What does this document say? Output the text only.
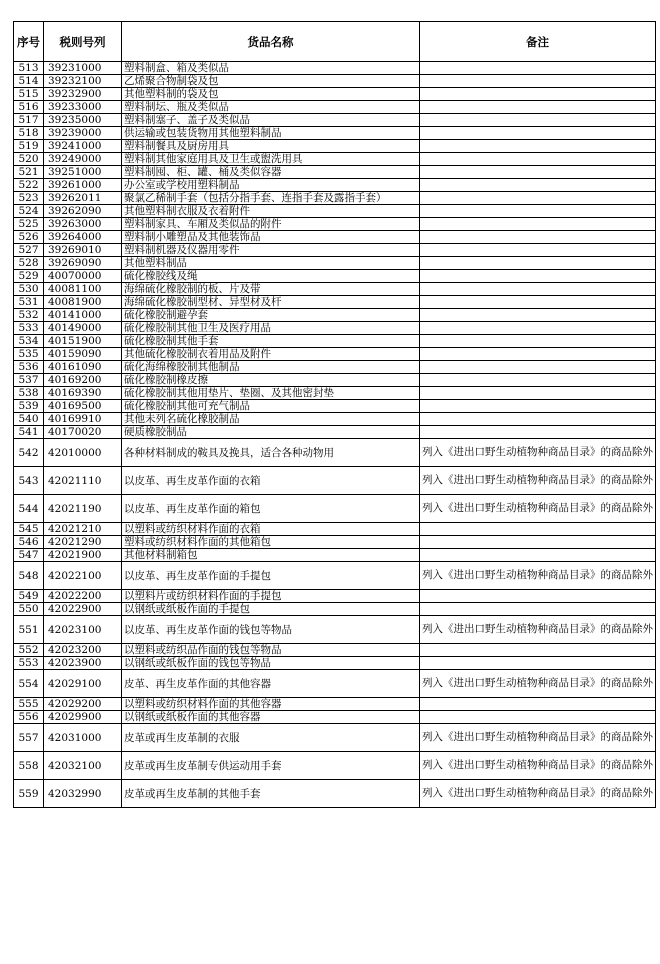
序号	税则号列	货品名称	备注
513	39231000	塑料制盒、箱及类似品	
514	39232100	乙烯聚合物制袋及包	
515	39232900	其他塑料制的袋及包	
516	39233000	塑料制坛、瓶及类似品	
517	39235000	塑料制塞子、盖子及类似品	
518	39239000	供运输或包装货物用其他塑料制品	
519	39241000	塑料制餐具及厨房用具	
520	39249000	塑料制其他家庭用具及卫生或盥洗用具	
521	39251000	塑料制囤、柜、罐、桶及类似容器	
522	39261000	办公室或学校用塑料制品	
523	39262011	聚氯乙稀制手套（包括分指手套、连指手套及露指手套）	
524	39262090	其他塑料制衣服及衣着附件	
525	39263000	塑料制家具、车厢及类似品的附件	
526	39264000	塑料制小雕塑品及其他装饰品	
527	39269010	塑料制机器及仪器用零件	
528	39269090	其他塑料制品	
529	40070000	硫化橡胶线及绳	
530	40081100	海绵硫化橡胶制的板、片及带	
531	40081900	海绵硫化橡胶制型材、异型材及杆	
532	40141000	硫化橡胶制避孕套	
533	40149000	硫化橡胶制其他卫生及医疗用品	
534	40151900	硫化橡胶制其他手套	
535	40159090	其他硫化橡胶制衣着用品及附件	
536	40161090	硫化海绵橡胶制其他制品	
537	40169200	硫化橡胶制橡皮擦	
538	40169390	硫化橡胶制其他用垫片、垫圈、及其他密封垫	
539	40169500	硫化橡胶制其他可充气制品	
540	40169910	其他未列名硫化橡胶制品	
541	40170020	硬质橡胶制品	
542	42010000	各种材料制成的鞍具及挽具，适合各种动物用	列入《进出口野生动植物种商品目录》的商品除外
543	42021110	以皮革、再生皮革作面的衣箱	列入《进出口野生动植物种商品目录》的商品除外
544	42021190	以皮革、再生皮革作面的箱包	列入《进出口野生动植物种商品目录》的商品除外
545	42021210	以塑料或纺织材料作面的衣箱	
546	42021290	塑料或纺织材料作面的其他箱包	
547	42021900	其他材料制箱包	
548	42022100	以皮革、再生皮革作面的手提包	列入《进出口野生动植物种商品目录》的商品除外
549	42022200	以塑料片或纺织材料作面的手提包	
550	42022900	以钢纸或纸板作面的手提包	
551	42023100	以皮革、再生皮革作面的钱包等物品	列入《进出口野生动植物种商品目录》的商品除外
552	42023200	以塑料或纺织品作面的钱包等物品	
553	42023900	以钢纸或纸板作面的钱包等物品	
554	42029100	皮革、再生皮革作面的其他容器	列入《进出口野生动植物种商品目录》的商品除外
555	42029200	以塑料或纺织材料作面的其他容器	
556	42029900	以钢纸或纸板作面的其他容器	
557	42031000	皮革或再生皮革制的衣服	列入《进出口野生动植物种商品目录》的商品除外
558	42032100	皮革或再生皮革制专供运动用手套	列入《进出口野生动植物种商品目录》的商品除外
559	42032990	皮革或再生皮革制的其他手套	列入《进出口野生动植物种商品目录》的商品除外
